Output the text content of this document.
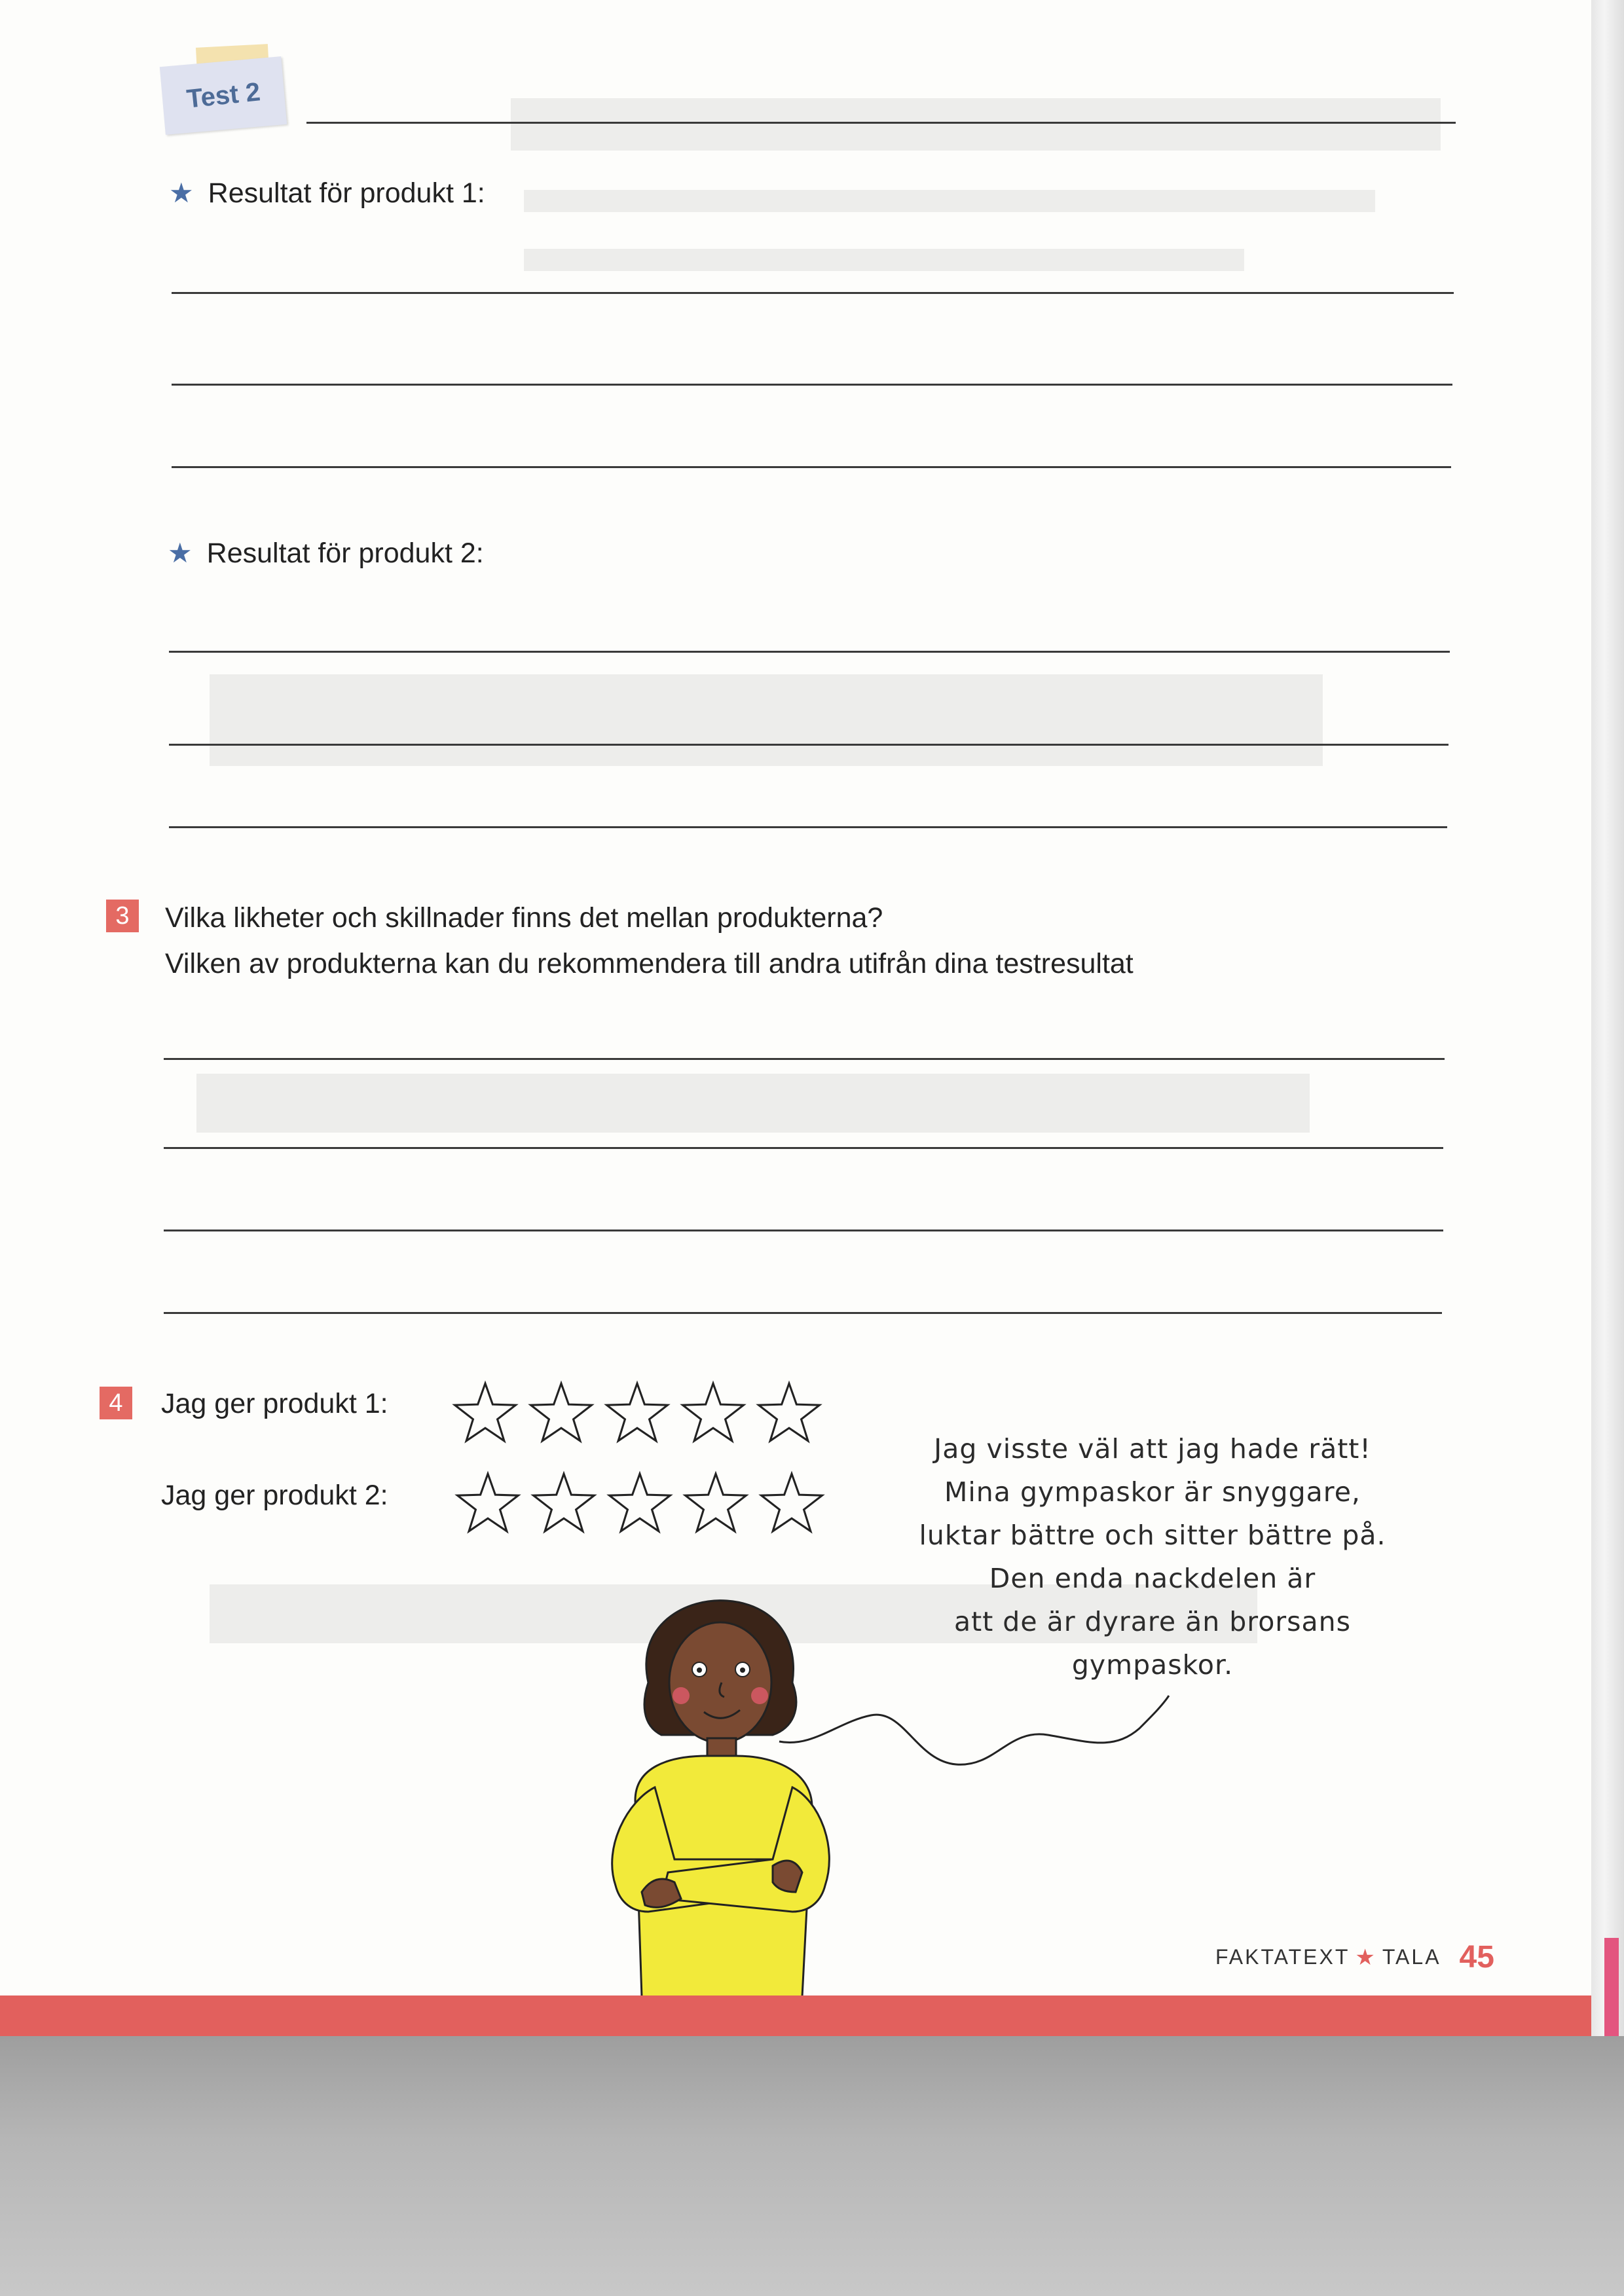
Test 2
★ Resultat för produkt 1:
★ Resultat för produkt 2:
3	Vilka likheter och skillnader finns det mellan produkterna?
Vilken av produkterna kan du rekommendera till andra utifrån dina testresultat
4	Jag ger produkt 1:
Jag ger produkt 2:
Jag visste väl att jag hade rätt!
Mina gympaskor är snyggare,
luktar bättre och sitter bättre på.
Den enda nackdelen är
att de är dyrare än brorsans
gympaskor.
FAKTATEXT ★ TALA 45
